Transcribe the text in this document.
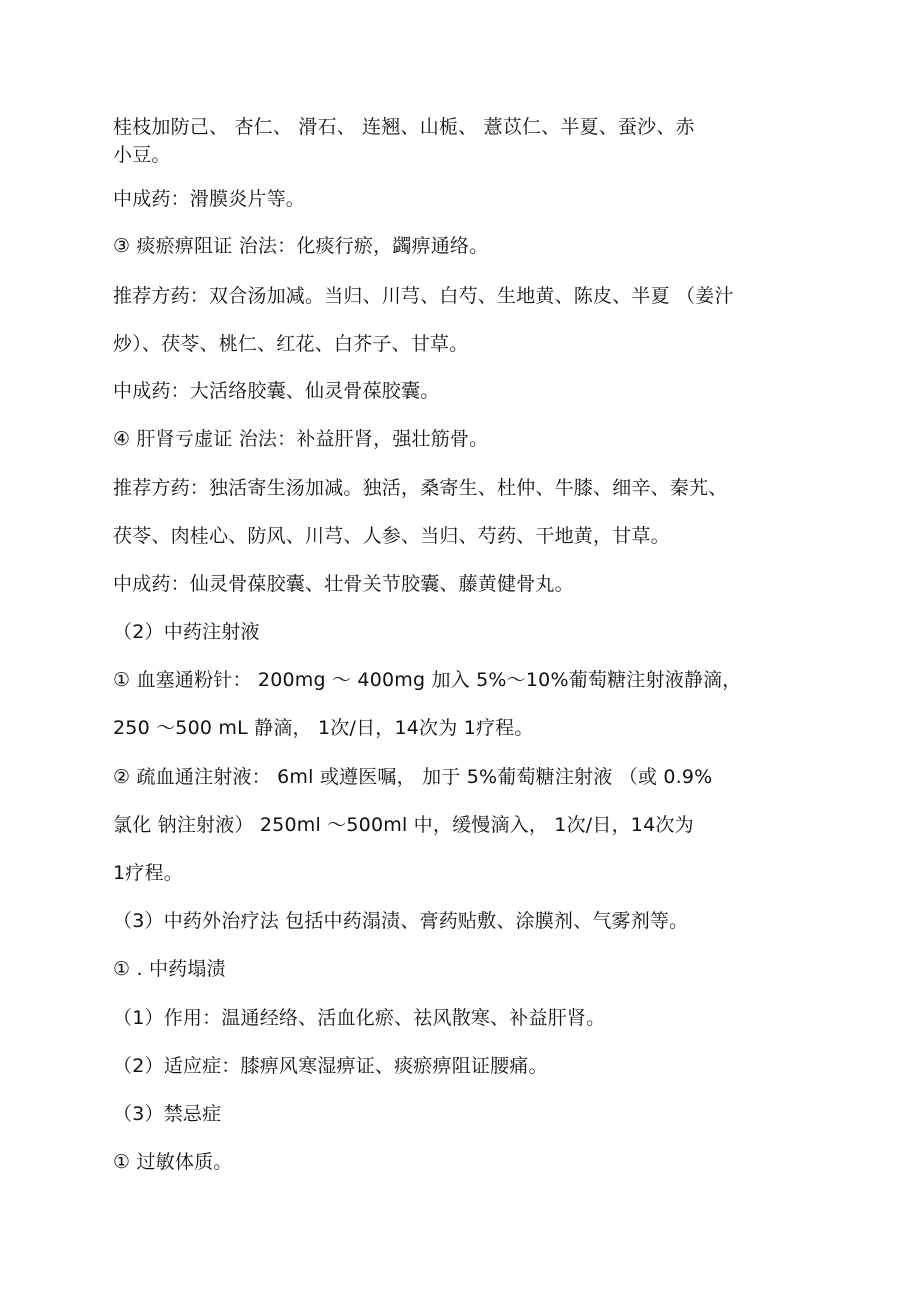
桂枝加防己、 杏仁、 滑石、 连翘、山栀、 薏苡仁、半夏、蚕沙、赤
小豆。
中成药：滑膜炎片等。
③ 痰瘀痹阻证 治法：化痰行瘀，蠲痹通络。
推荐方药：双合汤加减。当归、川芎、白芍、生地黄、陈皮、半夏 （姜汁
炒）、茯苓、桃仁、红花、白芥子、甘草。
中成药：大活络胶囊、仙灵骨葆胶囊。
④ 肝肾亏虚证 治法：补益肝肾，强壮筋骨。
推荐方药：独活寄生汤加减。独活，桑寄生、杜仲、牛膝、细辛、秦艽、
茯苓、肉桂心、防风、川芎、人参、当归、芍药、干地黄，甘草。
中成药：仙灵骨葆胶囊、壮骨关节胶囊、藤黄健骨丸。
（2）中药注射液
① 血塞通粉针： 200mg ～ 400mg 加入 5%～10%葡萄糖注射液静滴，
250 ～500 mL 静滴， 1次/日，14次为 1疗程。
② 疏血通注射液： 6ml 或遵医嘱， 加于 5%葡萄糖注射液 （或 0.9%
氯化 钠注射液） 250ml ～500ml 中，缓慢滴入， 1次/日，14次为
1疗程。
（3）中药外治疗法 包括中药溻渍、膏药贴敷、涂膜剂、气雾剂等。
① . 中药塌渍
（1）作用：温通经络、活血化瘀、祛风散寒、补益肝肾。
（2）适应症：膝痹风寒湿痹证、痰瘀痹阻证腰痛。
（3）禁忌症
① 过敏体质。
